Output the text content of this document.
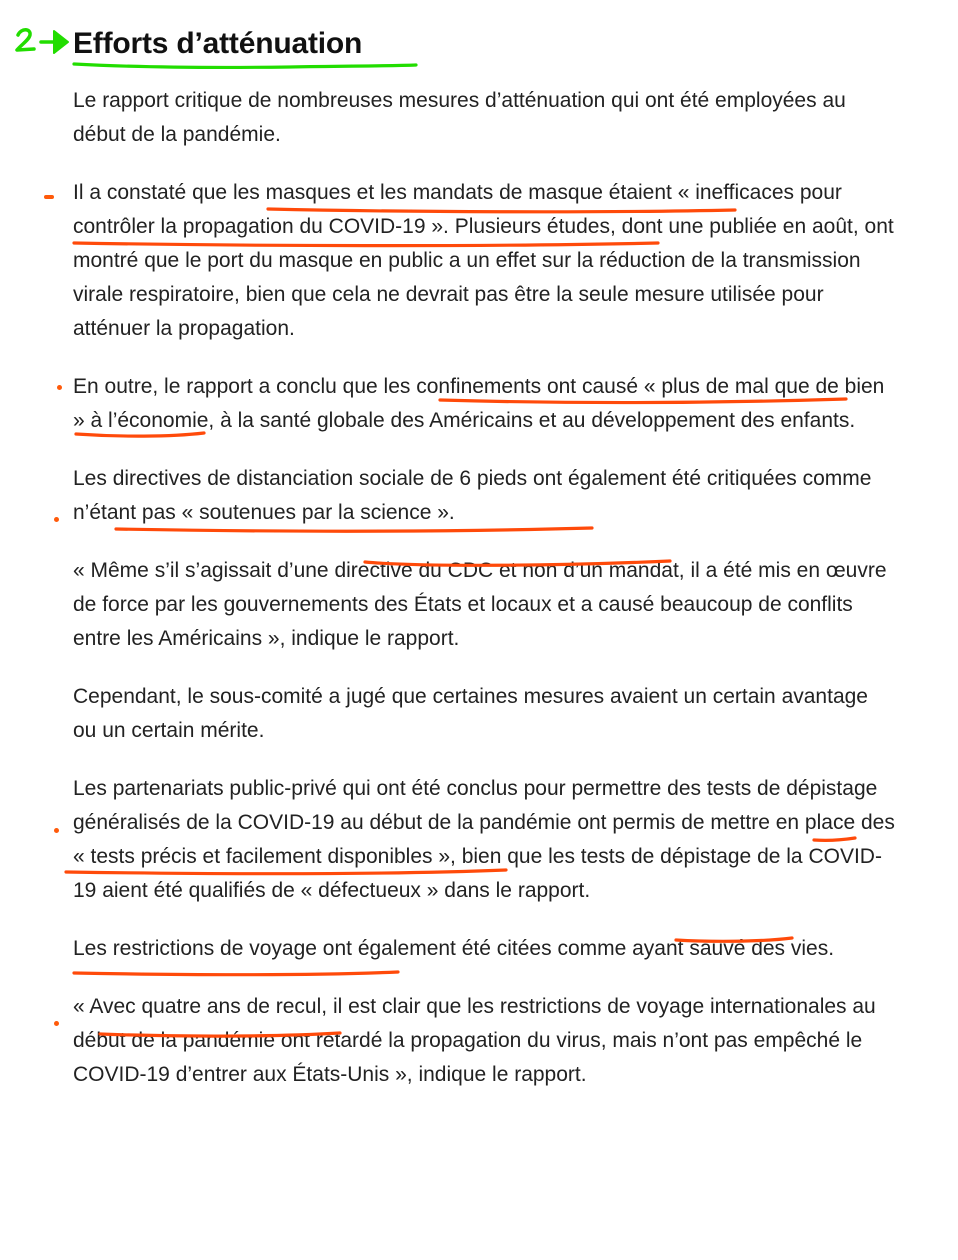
Efforts d’atténuation

Le rapport critique de nombreuses mesures d’atténuation qui ont été employées au début de la pandémie.

Il a constaté que les masques et les mandats de masque étaient « inefficaces pour contrôler la propagation du COVID-19 ». Plusieurs études, dont une publiée en août, ont montré que le port du masque en public a un effet sur la réduction de la transmission virale respiratoire, bien que cela ne devrait pas être la seule mesure utilisée pour atténuer la propagation.

En outre, le rapport a conclu que les confinements ont causé « plus de mal que de bien » à l’économie, à la santé globale des Américains et au développement des enfants.

Les directives de distanciation sociale de 6 pieds ont également été critiquées comme n’étant pas « soutenues par la science ».

« Même s’il s’agissait d’une directive du CDC et non d’un mandat, il a été mis en œuvre de force par les gouvernements des États et locaux et a causé beaucoup de conflits entre les Américains », indique le rapport.

Cependant, le sous-comité a jugé que certaines mesures avaient un certain avantage ou un certain mérite.

Les partenariats public-privé qui ont été conclus pour permettre des tests de dépistage généralisés de la COVID-19 au début de la pandémie ont permis de mettre en place des « tests précis et facilement disponibles », bien que les tests de dépistage de la COVID-19 aient été qualifiés de « défectueux » dans le rapport.

Les restrictions de voyage ont également été citées comme ayant sauvé des vies.

« Avec quatre ans de recul, il est clair que les restrictions de voyage internationales au début de la pandémie ont retardé la propagation du virus, mais n’ont pas empêché le COVID-19 d’entrer aux États-Unis », indique le rapport.
